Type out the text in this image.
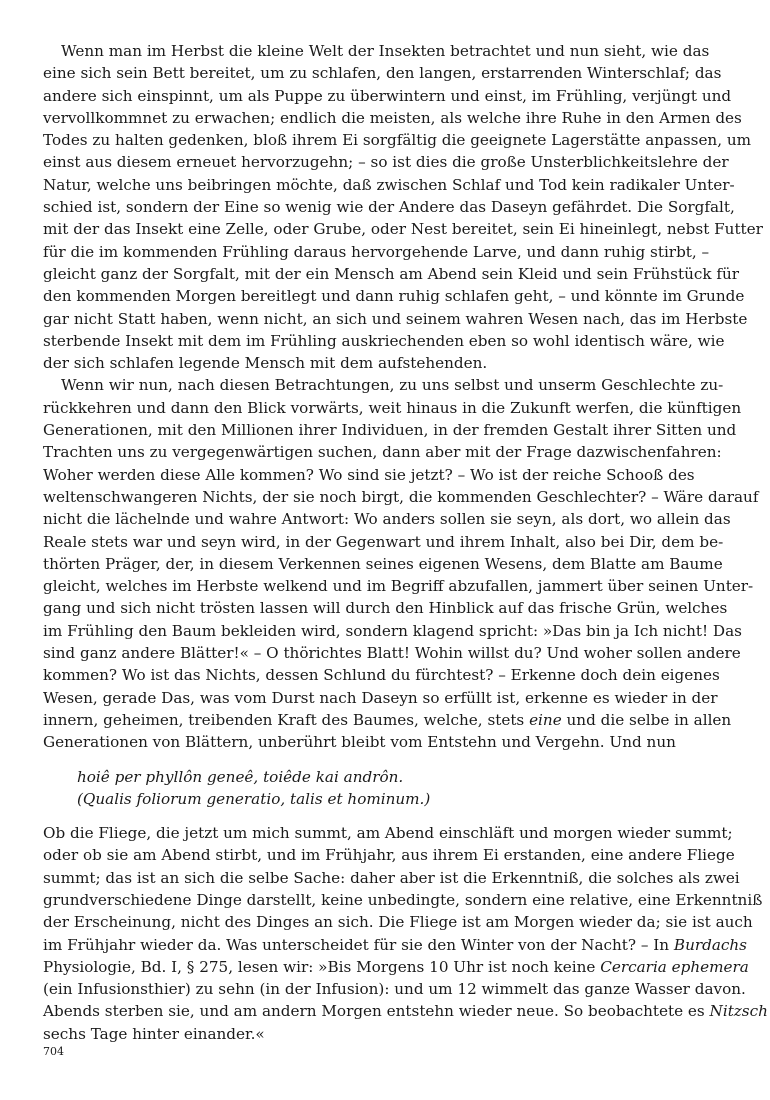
Wenn man im Herbst die kleine Welt der Insekten betrachtet und nun sieht, wie das
eine sich sein Bett bereitet, um zu schlafen, den langen, erstarrenden Winterschlaf; das
andere sich einspinnt, um als Puppe zu überwintern und einst, im Frühling, verjüngt und
vervollkommnet zu erwachen; endlich die meisten, als welche ihre Ruhe in den Armen des
Todes zu halten gedenken, bloß ihrem Ei sorgfältig die geeignete Lagerstätte anpassen, um
einst aus diesem erneuet hervorzugehn; – so ist dies die große Unsterblichkeitslehre der
Natur, welche uns beibringen möchte, daß zwischen Schlaf und Tod kein radikaler Unter-
schied ist, sondern der Eine so wenig wie der Andere das Daseyn gefährdet. Die Sorgfalt,
mit der das Insekt eine Zelle, oder Grube, oder Nest bereitet, sein Ei hineinlegt, nebst Futter
für die im kommenden Frühling daraus hervorgehende Larve, und dann ruhig stirbt, –
gleicht ganz der Sorgfalt, mit der ein Mensch am Abend sein Kleid und sein Frühstück für
den kommenden Morgen bereitlegt und dann ruhig schlafen geht, – und könnte im Grunde
gar nicht Statt haben, wenn nicht, an sich und seinem wahren Wesen nach, das im Herbste
sterbende Insekt mit dem im Frühling auskriechenden eben so wohl identisch wäre, wie
der sich schlafen legende Mensch mit dem aufstehenden.
Wenn wir nun, nach diesen Betrachtungen, zu uns selbst und unserm Geschlechte zu-
rückkehren und dann den Blick vorwärts, weit hinaus in die Zukunft werfen, die künftigen
Generationen, mit den Millionen ihrer Individuen, in der fremden Gestalt ihrer Sitten und
Trachten uns zu vergegenwärtigen suchen, dann aber mit der Frage dazwischenfahren:
Woher werden diese Alle kommen? Wo sind sie jetzt? – Wo ist der reiche Schooß des
weltenschwangeren Nichts, der sie noch birgt, die kommenden Geschlechter? – Wäre darauf
nicht die lächelnde und wahre Antwort: Wo anders sollen sie seyn, als dort, wo allein das
Reale stets war und seyn wird, in der Gegenwart und ihrem Inhalt, also bei Dir, dem be-
thörten Präger, der, in diesem Verkennen seines eigenen Wesens, dem Blatte am Baume
gleicht, welches im Herbste welkend und im Begriff abzufallen, jammert über seinen Unter-
gang und sich nicht trösten lassen will durch den Hinblick auf das frische Grün, welches
im Frühling den Baum bekleiden wird, sondern klagend spricht: »Das bin ja Ich nicht! Das
sind ganz andere Blätter!« – O thörichtes Blatt! Wohin willst du? Und woher sollen andere
kommen? Wo ist das Nichts, dessen Schlund du fürchtest? – Erkenne doch dein eigenes
Wesen, gerade Das, was vom Durst nach Daseyn so erfüllt ist, erkenne es wieder in der
innern, geheimen, treibenden Kraft des Baumes, welche, stets eine und die selbe in allen
Generationen von Blättern, unberührt bleibt vom Entstehn und Vergehn. Und nun
hoiê per phyllôn geneê, toiêde kai andrôn.
(Qualis foliorum generatio, talis et hominum.)
Ob die Fliege, die jetzt um mich summt, am Abend einschläft und morgen wieder summt;
oder ob sie am Abend stirbt, und im Frühjahr, aus ihrem Ei erstanden, eine andere Fliege
summt; das ist an sich die selbe Sache: daher aber ist die Erkenntniß, die solches als zwei
grundverschiedene Dinge darstellt, keine unbedingte, sondern eine relative, eine Erkenntniß
der Erscheinung, nicht des Dinges an sich. Die Fliege ist am Morgen wieder da; sie ist auch
im Frühjahr wieder da. Was unterscheidet für sie den Winter von der Nacht? – In Burdachs
Physiologie, Bd. I, § 275, lesen wir: »Bis Morgens 10 Uhr ist noch keine Cercaria ephemera
(ein Infusionsthier) zu sehn (in der Infusion): und um 12 wimmelt das ganze Wasser davon.
Abends sterben sie, und am andern Morgen entstehn wieder neue. So beobachtete es Nitzsch
sechs Tage hinter einander.«
704
